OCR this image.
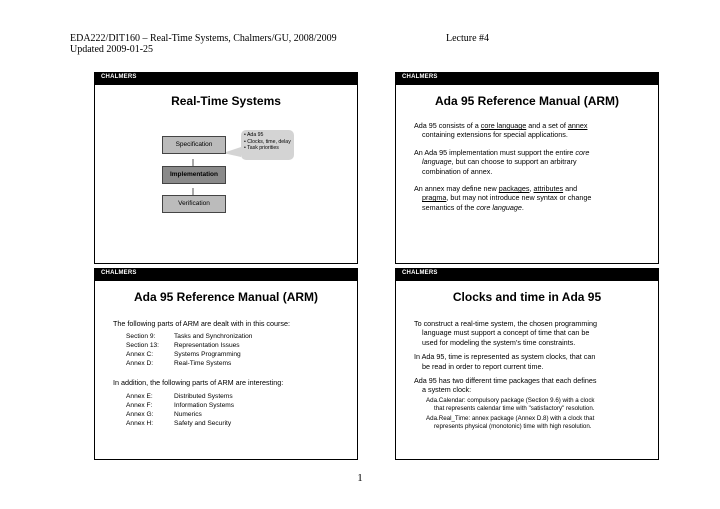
EDA222/DIT160 – Real-Time Systems, Chalmers/GU, 2008/2009	Lecture #4
Updated 2009-01-25
CHALMERS
Real-Time Systems
Specification
Implementation
Verification
• Ada 95
• Clocks, time, delay
• Task priorities
CHALMERS
Ada 95 Reference Manual (ARM)

Ada 95 consists of a core language and a set of annex

containing extensions for special applications.

An Ada 95 implementation must support the entire core

language, but can choose to support an arbitrary

combination of annex.

An annex may define new packages, attributes and

pragma, but may not introduce new syntax or change

semantics of the core language.

CHALMERS
Ada 95 Reference Manual (ARM)

The following parts of ARM are dealt with in this course:

Section 9:	Tasks and Synchronization
Section 13:	Representation Issues
Annex C:	Systems Programming
Annex D:	Real-Time Systems

In addition, the following parts of ARM are interesting:

Annex E:	Distributed Systems
Annex F:	Information Systems
Annex G:	Numerics
Annex H:	Safety and Security
CHALMERS
Clocks and time in Ada 95

To construct a real-time system, the chosen programming

language must support a concept of time that can be

used for modeling the system’s time constraints.

In Ada 95, time is represented as system clocks, that can

be read in order to report current time.

Ada 95 has two different time packages that each defines

a system clock:

Ada.Calendar: compulsory package (Section 9.6) with a clock
that represents calendar time with "satisfactory" resolution.
Ada.Real_Time: annex package (Annex D.8) with a clock that
represents physical (monotonic) time with high resolution.
1
